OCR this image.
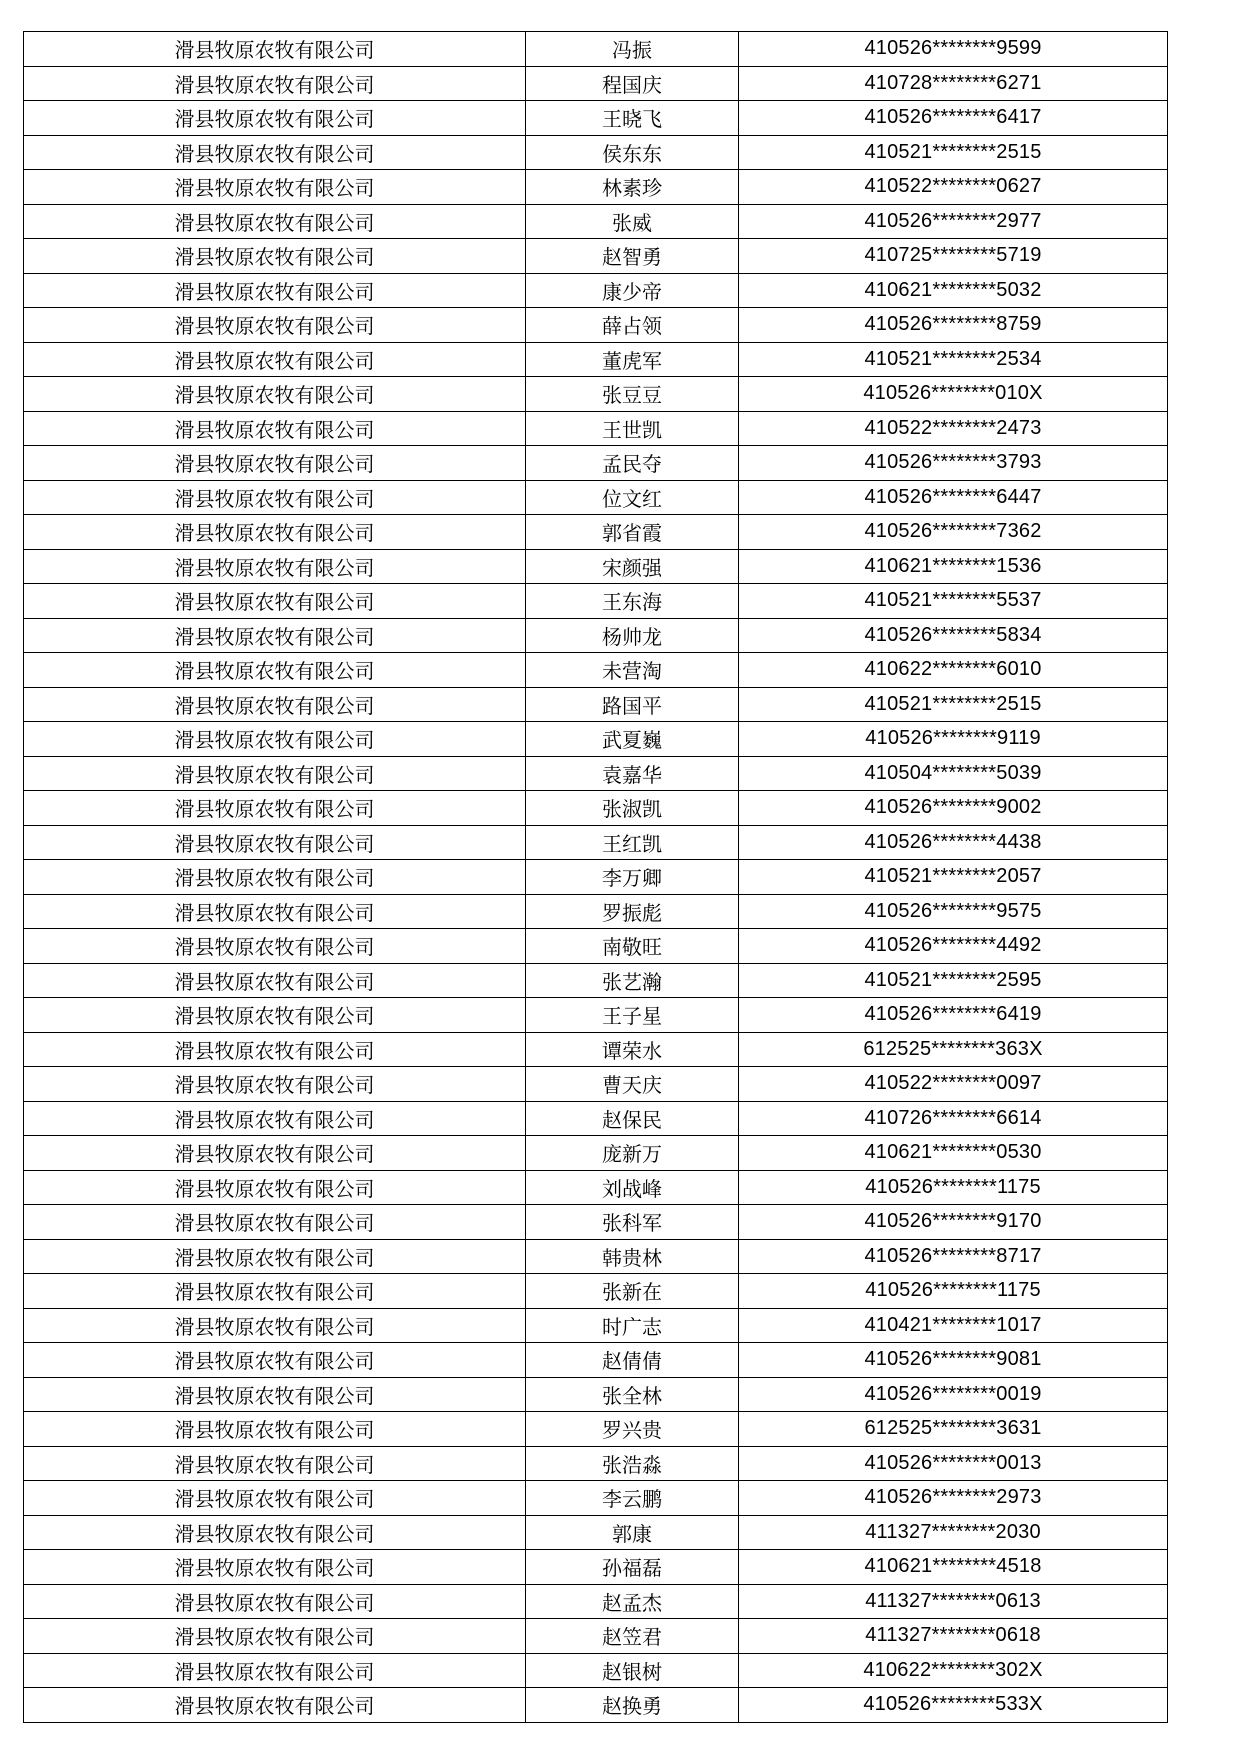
滑县牧原农牧有限公司	冯振	410526********9599
滑县牧原农牧有限公司	程国庆	410728********6271
滑县牧原农牧有限公司	王晓飞	410526********6417
滑县牧原农牧有限公司	侯东东	410521********2515
滑县牧原农牧有限公司	林素珍	410522********0627
滑县牧原农牧有限公司	张威	410526********2977
滑县牧原农牧有限公司	赵智勇	410725********5719
滑县牧原农牧有限公司	康少帝	410621********5032
滑县牧原农牧有限公司	薛占领	410526********8759
滑县牧原农牧有限公司	董虎军	410521********2534
滑县牧原农牧有限公司	张豆豆	410526********010X
滑县牧原农牧有限公司	王世凯	410522********2473
滑县牧原农牧有限公司	孟民夺	410526********3793
滑县牧原农牧有限公司	位文红	410526********6447
滑县牧原农牧有限公司	郭省霞	410526********7362
滑县牧原农牧有限公司	宋颜强	410621********1536
滑县牧原农牧有限公司	王东海	410521********5537
滑县牧原农牧有限公司	杨帅龙	410526********5834
滑县牧原农牧有限公司	未营淘	410622********6010
滑县牧原农牧有限公司	路国平	410521********2515
滑县牧原农牧有限公司	武夏巍	410526********9119
滑县牧原农牧有限公司	袁嘉华	410504********5039
滑县牧原农牧有限公司	张淑凯	410526********9002
滑县牧原农牧有限公司	王红凯	410526********4438
滑县牧原农牧有限公司	李万卿	410521********2057
滑县牧原农牧有限公司	罗振彪	410526********9575
滑县牧原农牧有限公司	南敬旺	410526********4492
滑县牧原农牧有限公司	张艺瀚	410521********2595
滑县牧原农牧有限公司	王子星	410526********6419
滑县牧原农牧有限公司	谭荣水	612525********363X
滑县牧原农牧有限公司	曹天庆	410522********0097
滑县牧原农牧有限公司	赵保民	410726********6614
滑县牧原农牧有限公司	庞新万	410621********0530
滑县牧原农牧有限公司	刘战峰	410526********1175
滑县牧原农牧有限公司	张科军	410526********9170
滑县牧原农牧有限公司	韩贵林	410526********8717
滑县牧原农牧有限公司	张新在	410526********1175
滑县牧原农牧有限公司	时广志	410421********1017
滑县牧原农牧有限公司	赵倩倩	410526********9081
滑县牧原农牧有限公司	张全林	410526********0019
滑县牧原农牧有限公司	罗兴贵	612525********3631
滑县牧原农牧有限公司	张浩淼	410526********0013
滑县牧原农牧有限公司	李云鹏	410526********2973
滑县牧原农牧有限公司	郭康	411327********2030
滑县牧原农牧有限公司	孙福磊	410621********4518
滑县牧原农牧有限公司	赵孟杰	411327********0613
滑县牧原农牧有限公司	赵笠君	411327********0618
滑县牧原农牧有限公司	赵银树	410622********302X
滑县牧原农牧有限公司	赵换勇	410526********533X
